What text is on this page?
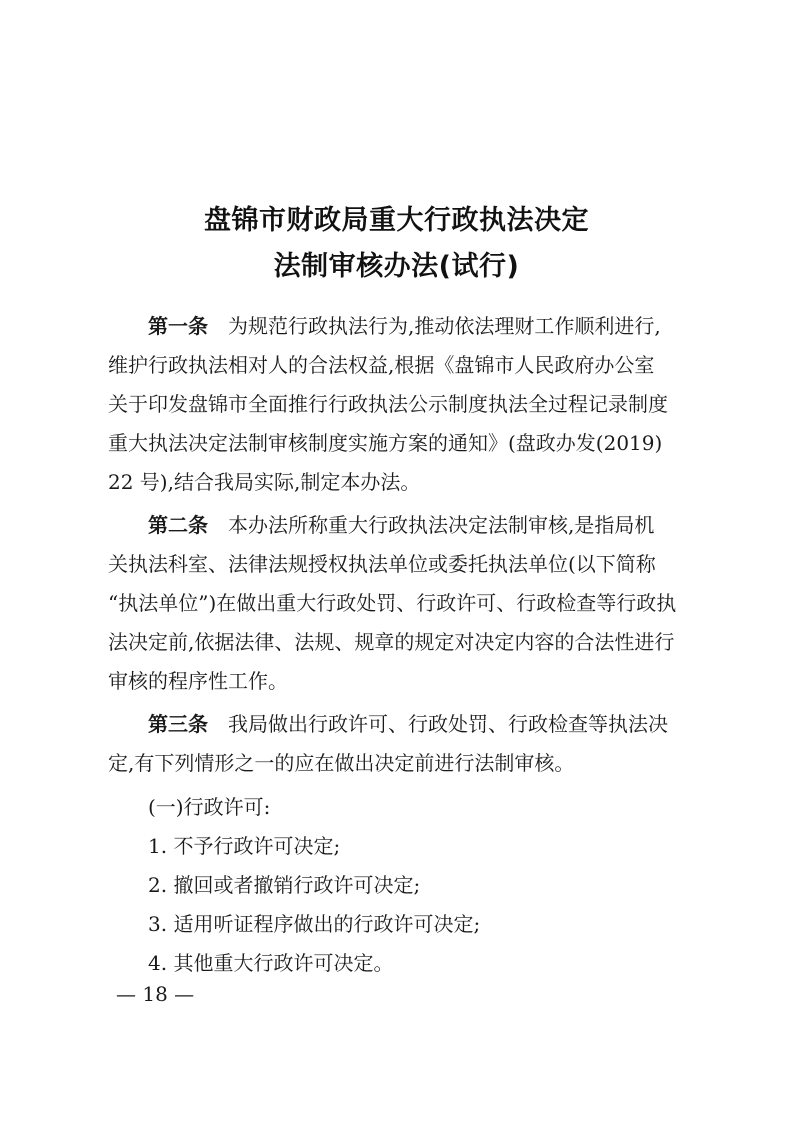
盘锦市财政局重大行政执法决定
法制审核办法(试行)
第一条 为规范行政执法行为,推动依法理财工作顺利进行,
维护行政执法相对人的合法权益,根据《盘锦市人民政府办公室
关于印发盘锦市全面推行行政执法公示制度执法全过程记录制度
重大执法决定法制审核制度实施方案的通知》(盘政办发(2019)
22 号),结合我局实际,制定本办法。
第二条 本办法所称重大行政执法决定法制审核,是指局机
关执法科室、法律法规授权执法单位或委托执法单位(以下简称
“执法单位”)在做出重大行政处罚、行政许可、行政检查等行政执
法决定前,依据法律、法规、规章的规定对决定内容的合法性进行
审核的程序性工作。
第三条 我局做出行政许可、行政处罚、行政检查等执法决
定,有下列情形之一的应在做出决定前进行法制审核。
(一)行政许可:
1. 不予行政许可决定;
2. 撤回或者撤销行政许可决定;
3. 适用听证程序做出的行政许可决定;
4. 其他重大行政许可决定。
— 18 —
